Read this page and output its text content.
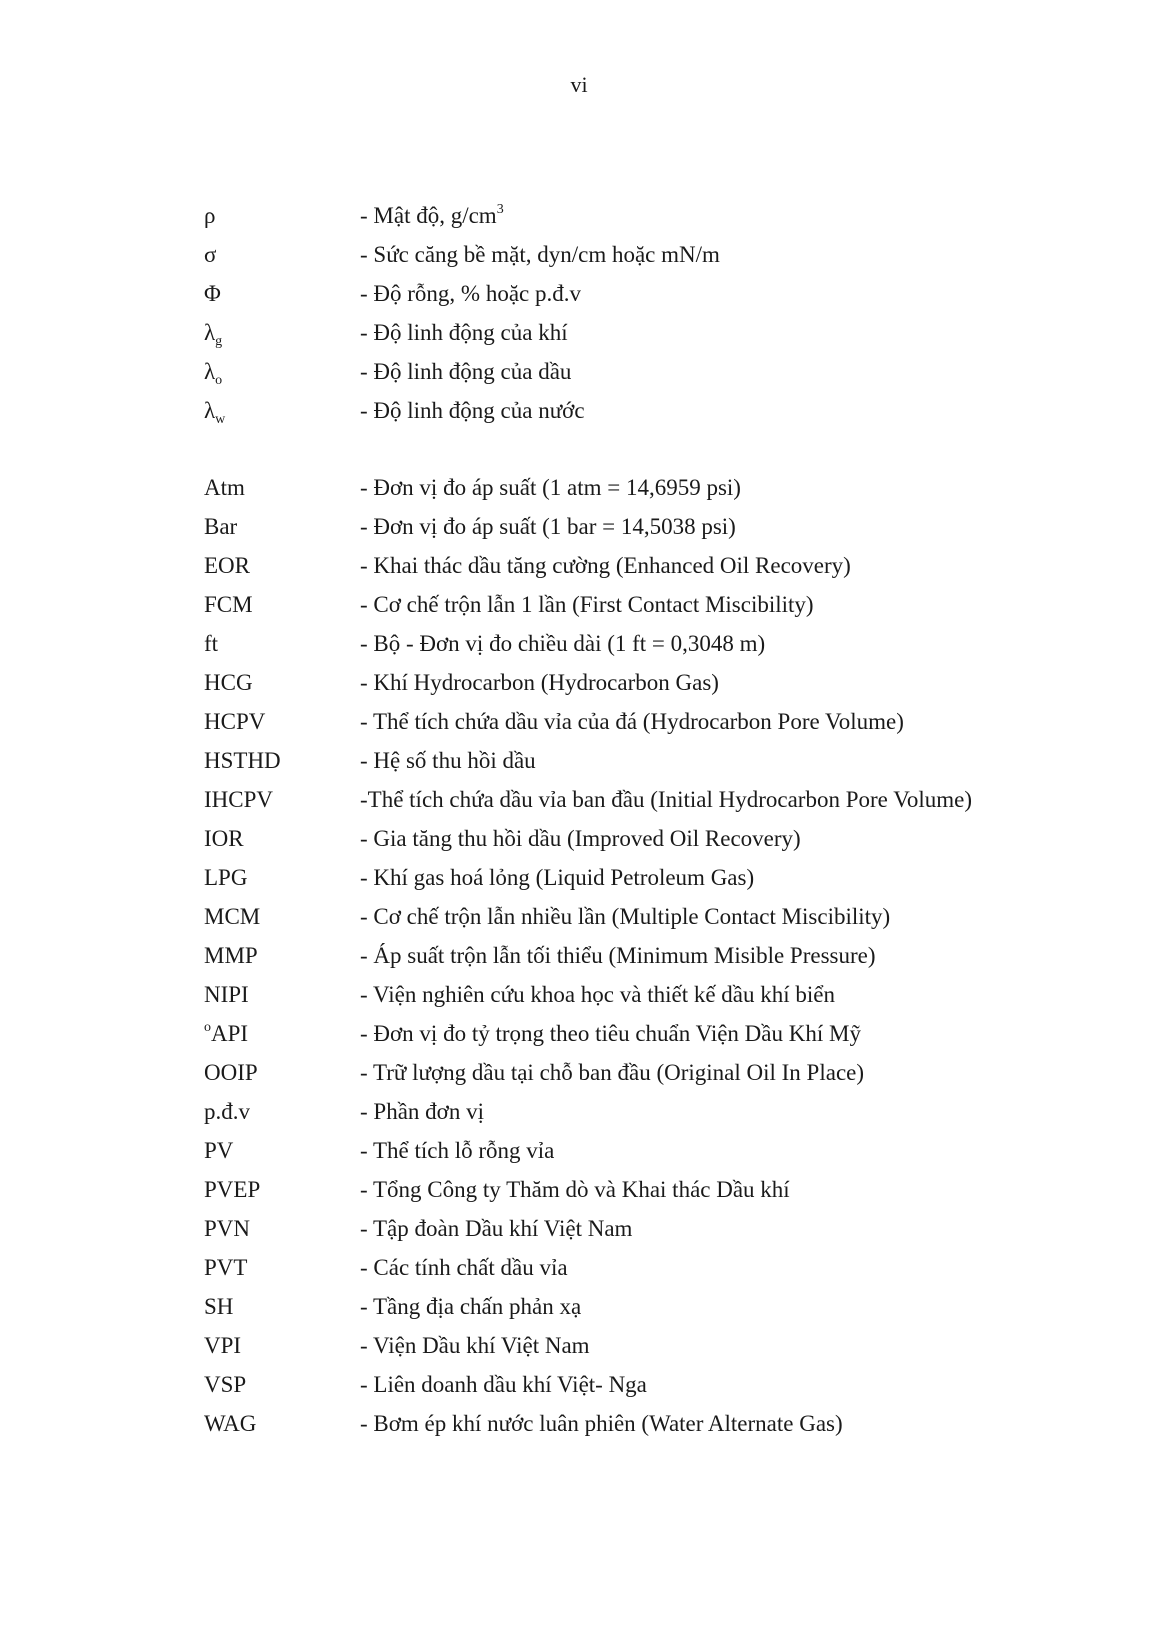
vi
ρ	- Mật độ, $g/cm^3$
σ	- Sức căng bề mặt, dyn/cm hoặc mN/m
Φ	- Độ rỗng, % hoặc p.đ.v
$\lambda_g$	- Độ linh động của khí
$\lambda_o$	- Độ linh động của dầu
$\lambda_w$	- Độ linh động của nước
Atm	- Đơn vị đo áp suất (1 atm = 14,6959 psi)
Bar	- Đơn vị đo áp suất (1 bar = 14,5038 psi)
EOR	- Khai thác dầu tăng cường (Enhanced Oil Recovery)
FCM	- Cơ chế trộn lẫn 1 lần (First Contact Miscibility)
ft	- Bộ - Đơn vị đo chiều dài (1 ft = 0,3048 m)
HCG	- Khí Hydrocarbon (Hydrocarbon Gas)
HCPV	- Thể tích chứa dầu vỉa của đá (Hydrocarbon Pore Volume)
HSTHD	- Hệ số thu hồi dầu
IHCPV	-Thể tích chứa dầu vỉa ban đầu (Initial Hydrocarbon Pore Volume)
IOR	- Gia tăng thu hồi dầu (Improved Oil Recovery)
LPG	- Khí gas hoá lỏng (Liquid Petroleum Gas)
MCM	- Cơ chế trộn lẫn nhiều lần (Multiple Contact Miscibility)
MMP	- Áp suất trộn lẫn tối thiểu (Minimum Misible Pressure)
NIPI	- Viện nghiên cứu khoa học và thiết kế dầu khí biển
$^o$API	- Đơn vị đo tỷ trọng theo tiêu chuẩn Viện Dầu Khí Mỹ
OOIP	- Trữ lượng dầu tại chỗ ban đầu (Original Oil In Place)
p.đ.v	- Phần đơn vị
PV	- Thể tích lỗ rỗng vỉa
PVEP	- Tổng Công ty Thăm dò và Khai thác Dầu khí
PVN	- Tập đoàn Dầu khí Việt Nam
PVT	- Các tính chất dầu vỉa
SH	- Tầng địa chấn phản xạ
VPI	- Viện Dầu khí Việt Nam
VSP	- Liên doanh dầu khí Việt- Nga
WAG	- Bơm ép khí nước luân phiên (Water Alternate Gas)
